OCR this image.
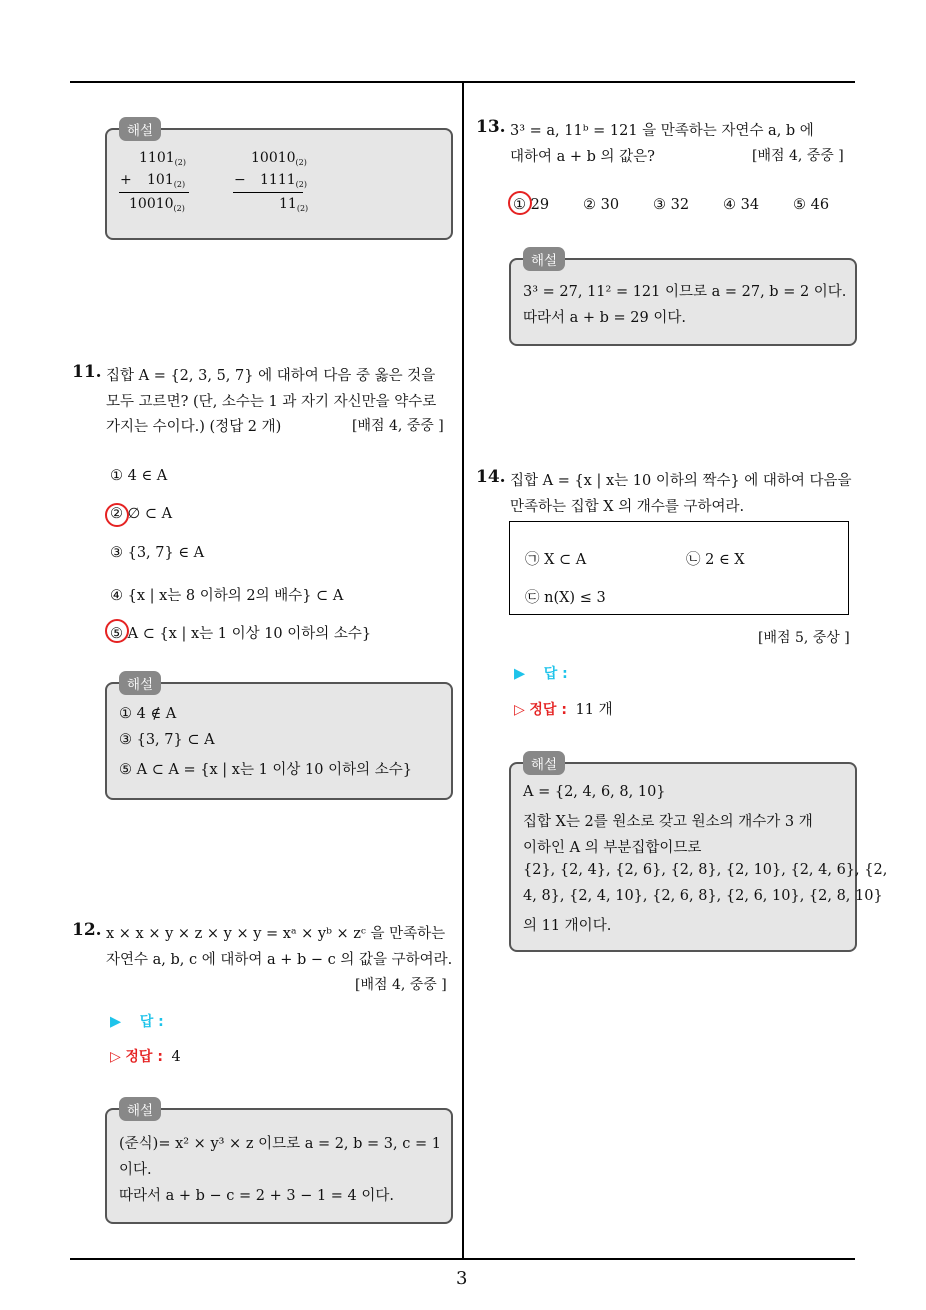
3
$1101_{(2)}$
+ $101_{(2)}$
$10010_{(2)}$
$10010_{(2)}$
− $1111_{(2)}$
$11_{(2)}$
해설
11. 집합 A = {2, 3, 5, 7} 에 대하여 다음 중 옳은 것을
모두 고르면? (단, 소수는 1 과 자기 자신만을 약수로
가지는 수이다.) (정답 2 개)	[배점 4, 중중 ]
① 4 ∈ A
② ∅ ⊂ A
③ {3, 7} ∈ A
④ {x | x는 8 이하의 2의 배수} ⊂ A
⑤ A ⊂ {x | x는 1 이상 10 이하의 소수}
① 4 ∉ A
③ {3, 7} ⊂ A
⑤ A ⊂ A = {x | x는 1 이상 10 이하의 소수}
해설
12. x × x × y × z × y × y = xᵃ × yᵇ × zᶜ 을 만족하는
자연수 a, b, c 에 대하여 a + b − c 의 값을 구하여라.
[배점 4, 중중 ]
▶ 답 :
▷ 정답 : 4
(준식)= x² × y³ × z 이므로 a = 2, b = 3, c = 1
이다.
따라서 a + b − c = 2 + 3 − 1 = 4 이다.
해설
13. 3³ = a, 11ᵇ = 121 을 만족하는 자연수 a, b 에
대하여 a + b 의 값은?	[배점 4, 중중 ]
① 29 ② 30 ③ 32 ④ 34 ⑤ 46
3³ = 27, 11² = 121 이므로 a = 27, b = 2 이다.
따라서 a + b = 29 이다.
해설
14. 집합 A = {x | x는 10 이하의 짝수} 에 대하여 다음을
만족하는 집합 X 의 개수를 구하여라.
㉠ X ⊂ A	㉡ 2 ∈ X
㉢ n(X) ≤ 3
[배점 5, 중상 ]
▶ 답 :
▷ 정답 : 11 개
A = {2, 4, 6, 8, 10}
집합 X는 2를 원소로 갖고 원소의 개수가 3 개
이하인 A 의 부분집합이므로
{2}, {2, 4}, {2, 6}, {2, 8}, {2, 10}, {2, 4, 6}, {2,
4, 8}, {2, 4, 10}, {2, 6, 8}, {2, 6, 10}, {2, 8, 10}
의 11 개이다.
해설
